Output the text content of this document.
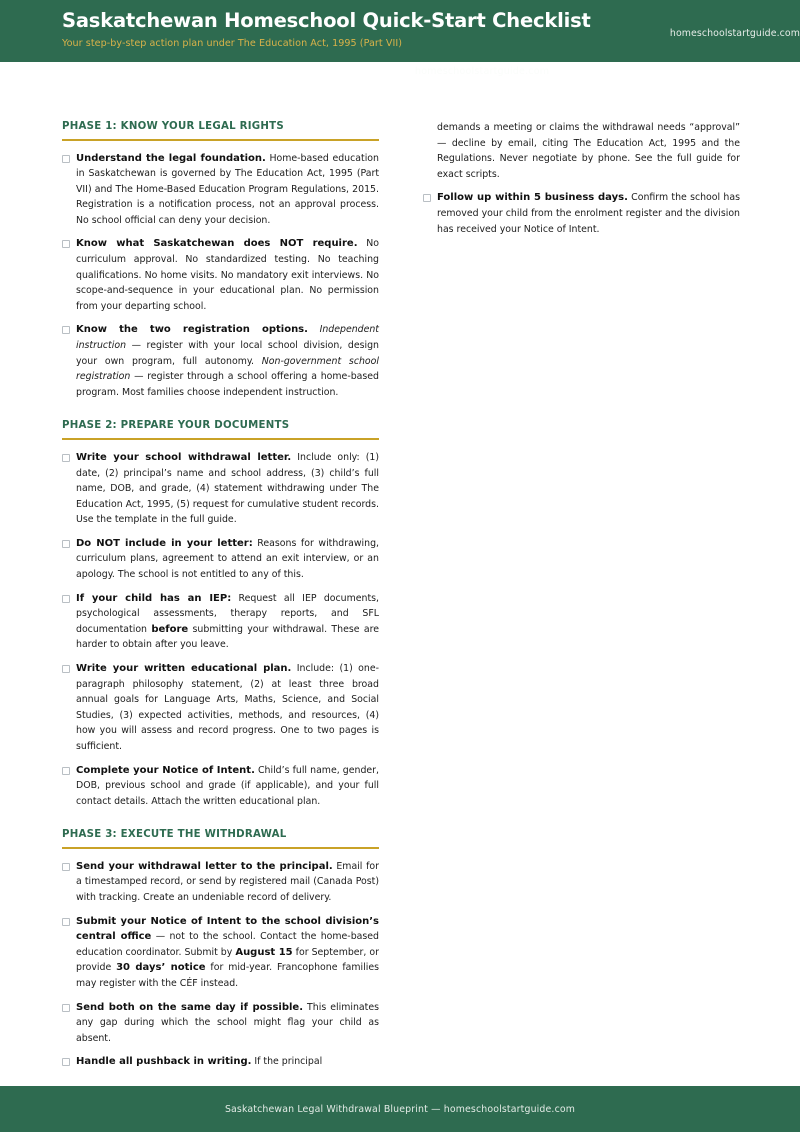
Saskatchewan Homeschool Quick-Start Checklist
Your step-by-step action plan under The Education Act, 1995 (Part VII)
homeschoolstartguide.com
homeschoolstartguide.com
PHASE 1: KNOW YOUR LEGAL RIGHTS
Understand the legal foundation. Home-based education in Saskatchewan is governed by The Education Act, 1995 (Part VII) and The Home-Based Education Program Regulations, 2015. Registration is a notification process, not an approval process. No school official can deny your decision.
Know what Saskatchewan does NOT require. No curriculum approval. No standardized testing. No teaching qualifications. No home visits. No mandatory exit interviews. No scope-and-sequence in your educational plan. No permission from your departing school.
Know the two registration options. Independent instruction — register with your local school division, design your own program, full autonomy. Non-government school registration — register through a school offering a home-based program. Most families choose independent instruction.
PHASE 2: PREPARE YOUR DOCUMENTS
Write your school withdrawal letter. Include only: (1) date, (2) principal’s name and school address, (3) child’s full name, DOB, and grade, (4) statement withdrawing under The Education Act, 1995, (5) request for cumulative student records. Use the template in the full guide.
Do NOT include in your letter: Reasons for withdrawing, curriculum plans, agreement to attend an exit interview, or an apology. The school is not entitled to any of this.
If your child has an IEP: Request all IEP documents, psychological assessments, therapy reports, and SFL documentation before submitting your withdrawal. These are harder to obtain after you leave.
Write your written educational plan. Include: (1) one-paragraph philosophy statement, (2) at least three broad annual goals for Language Arts, Maths, Science, and Social Studies, (3) expected activities, methods, and resources, (4) how you will assess and record progress. One to two pages is sufficient.
Complete your Notice of Intent. Child’s full name, gender, DOB, previous school and grade (if applicable), and your full contact details. Attach the written educational plan.
PHASE 3: EXECUTE THE WITHDRAWAL
Send your withdrawal letter to the principal. Email for a timestamped record, or send by registered mail (Canada Post) with tracking. Create an undeniable record of delivery.
Submit your Notice of Intent to the school division’s central office — not to the school. Contact the home-based education coordinator. Submit by August 15 for September, or provide 30 days’ notice for mid-year. Francophone families may register with the CÉF instead.
Send both on the same day if possible. This eliminates any gap during which the school might flag your child as absent.
Handle all pushback in writing. If the principal
demands a meeting or claims the withdrawal needs “approval” — decline by email, citing The Education Act, 1995 and the Regulations. Never negotiate by phone. See the full guide for exact scripts.
Follow up within 5 business days. Confirm the school has removed your child from the enrolment register and the division has received your Notice of Intent.
Saskatchewan Legal Withdrawal Blueprint — homeschoolstartguide.com
